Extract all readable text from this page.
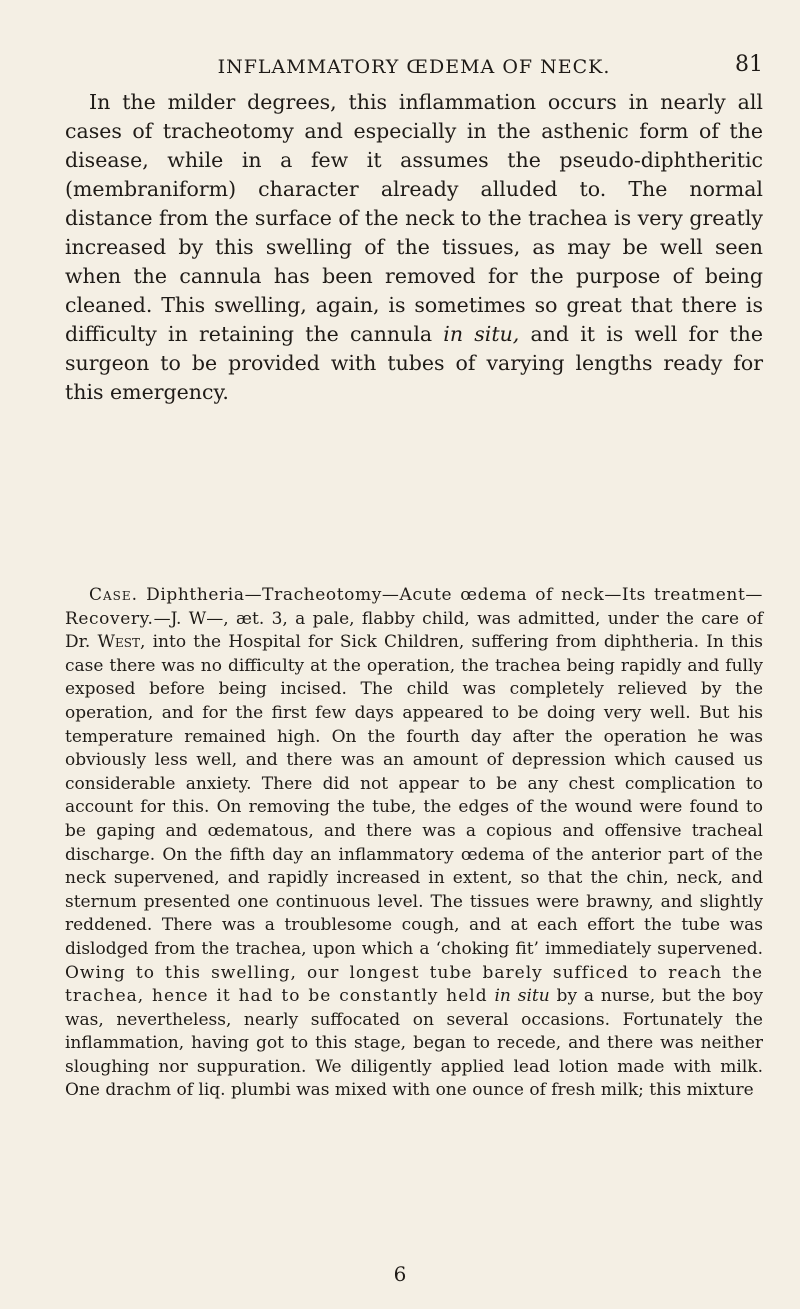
INFLAMMATORY ŒDEMA OF NECK.	81

In the milder degrees, this inflammation occurs in nearly all cases of tracheotomy and especially in the asthenic form of the disease, while in a few it assumes the pseudo-diphtheritic (membraniform) character already alluded to. The normal distance from the surface of the neck to the trachea is very greatly increased by this swelling of the tissues, as may be well seen when the cannula has been removed for the purpose of being cleaned. This swelling, again, is sometimes so great that there is difficulty in retaining the cannula in situ, and it is well for the surgeon to be provided with tubes of varying lengths ready for this emergency.

Case. Diphtheria—Tracheotomy—Acute œdema of neck—Its treatment—Recovery.—J. W—, æt. 3, a pale, flabby child, was admitted, under the care of Dr. West, into the Hospital for Sick Children, suffering from diphtheria. In this case there was no difficulty at the operation, the trachea being rapidly and fully exposed before being incised. The child was completely relieved by the operation, and for the first few days appeared to be doing very well. But his temperature remained high. On the fourth day after the operation he was obviously less well, and there was an amount of depression which caused us considerable anxiety. There did not appear to be any chest complication to account for this. On removing the tube, the edges of the wound were found to be gaping and œdematous, and there was a copious and offensive tracheal discharge. On the fifth day an inflammatory œdema of the anterior part of the neck supervened, and rapidly increased in extent, so that the chin, neck, and sternum presented one continuous level. The tissues were brawny, and slightly reddened. There was a troublesome cough, and at each effort the tube was dislodged from the trachea, upon which a ‘choking fit’ immediately supervened. Owing to this swelling, our longest tube barely sufficed to reach the trachea, hence it had to be constantly held in situ by a nurse, but the boy was, nevertheless, nearly suffocated on several occasions. Fortunately the inflammation, having got to this stage, began to recede, and there was neither sloughing nor suppuration. We diligently applied lead lotion made with milk. One drachm of liq. plumbi was mixed with one ounce of fresh milk; this mixture

6
